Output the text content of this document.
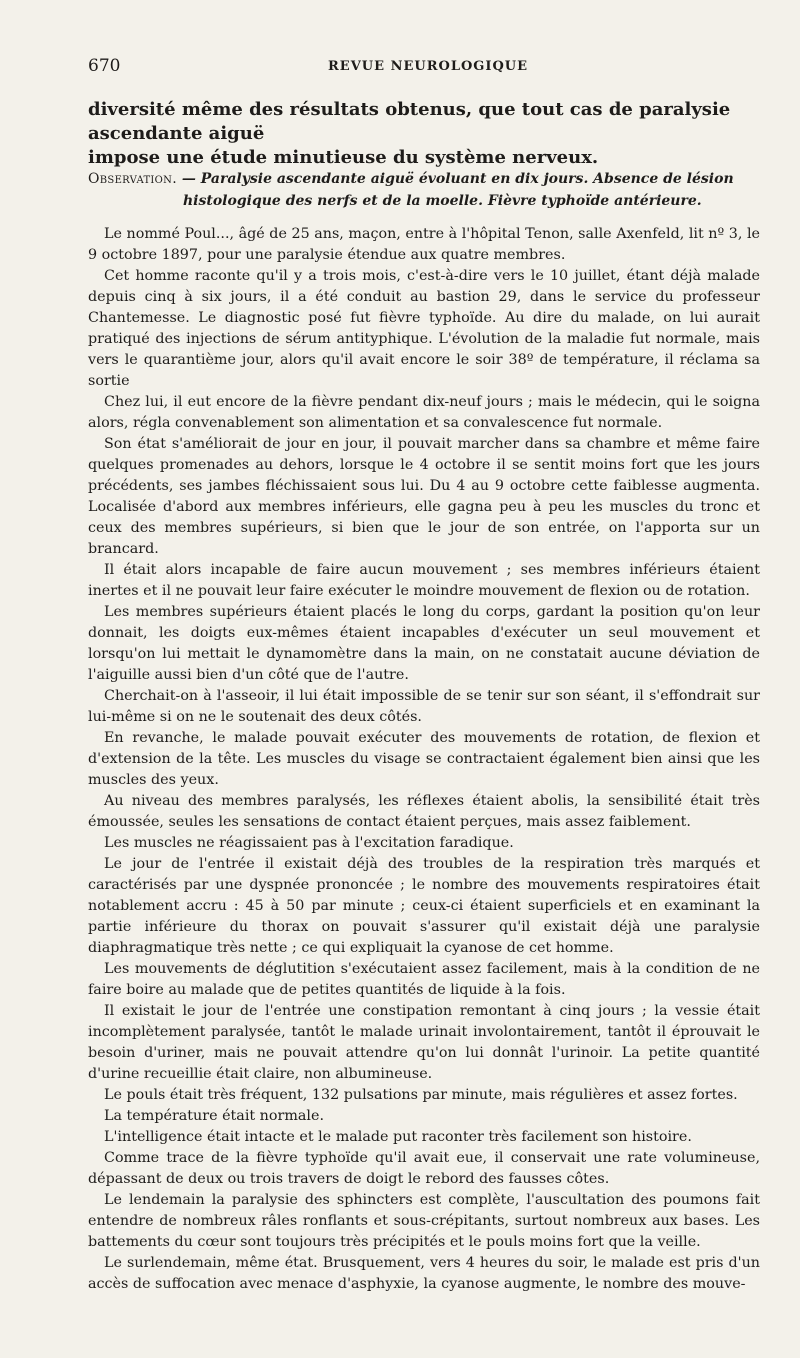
670	REVUE NEUROLOGIQUE

diversité même des résultats obtenus, que tout cas de paralysie ascendante aiguë

impose une étude minutieuse du système nerveux.

Observation. — Paralysie ascendante aiguë évoluant en dix jours. Absence de lésion
histologique des nerfs et de la moelle. Fièvre typhoïde antérieure.

Le nommé Poul..., âgé de 25 ans, maçon, entre à l'hôpital Tenon, salle Axenfeld, lit nº 3, le 9 octobre 1897, pour une paralysie étendue aux quatre membres.

Cet homme raconte qu'il y a trois mois, c'est-à-dire vers le 10 juillet, étant déjà malade depuis cinq à six jours, il a été conduit au bastion 29, dans le service du professeur Chantemesse. Le diagnostic posé fut fièvre typhoïde. Au dire du malade, on lui aurait pratiqué des injections de sérum antityphique. L'évolution de la maladie fut normale, mais vers le quarantième jour, alors qu'il avait encore le soir 38º de température, il réclama sa sortie

Chez lui, il eut encore de la fièvre pendant dix-neuf jours ; mais le médecin, qui le soigna alors, régla convenablement son alimentation et sa convalescence fut normale.

Son état s'améliorait de jour en jour, il pouvait marcher dans sa chambre et même faire quelques promenades au dehors, lorsque le 4 octobre il se sentit moins fort que les jours précédents, ses jambes fléchissaient sous lui. Du 4 au 9 octobre cette faiblesse augmenta. Localisée d'abord aux membres inférieurs, elle gagna peu à peu les muscles du tronc et ceux des membres supérieurs, si bien que le jour de son entrée, on l'apporta sur un brancard.

Il était alors incapable de faire aucun mouvement ; ses membres inférieurs étaient inertes et il ne pouvait leur faire exécuter le moindre mouvement de flexion ou de rotation.

Les membres supérieurs étaient placés le long du corps, gardant la position qu'on leur donnait, les doigts eux-mêmes étaient incapables d'exécuter un seul mouvement et lorsqu'on lui mettait le dynamomètre dans la main, on ne constatait aucune déviation de l'aiguille aussi bien d'un côté que de l'autre.

Cherchait-on à l'asseoir, il lui était impossible de se tenir sur son séant, il s'effondrait sur lui-même si on ne le soutenait des deux côtés.

En revanche, le malade pouvait exécuter des mouvements de rotation, de flexion et d'extension de la tête. Les muscles du visage se contractaient également bien ainsi que les muscles des yeux.

Au niveau des membres paralysés, les réflexes étaient abolis, la sensibilité était très émoussée, seules les sensations de contact étaient perçues, mais assez faiblement.

Les muscles ne réagissaient pas à l'excitation faradique.

Le jour de l'entrée il existait déjà des troubles de la respiration très marqués et caractérisés par une dyspnée prononcée ; le nombre des mouvements respiratoires était notablement accru : 45 à 50 par minute ; ceux-ci étaient superficiels et en examinant la partie inférieure du thorax on pouvait s'assurer qu'il existait déjà une paralysie diaphragmatique très nette ; ce qui expliquait la cyanose de cet homme.

Les mouvements de déglutition s'exécutaient assez facilement, mais à la condition de ne faire boire au malade que de petites quantités de liquide à la fois.

Il existait le jour de l'entrée une constipation remontant à cinq jours ; la vessie était incomplètement paralysée, tantôt le malade urinait involontairement, tantôt il éprouvait le besoin d'uriner, mais ne pouvait attendre qu'on lui donnât l'urinoir. La petite quantité d'urine recueillie était claire, non albumineuse.

Le pouls était très fréquent, 132 pulsations par minute, mais régulières et assez fortes.

La température était normale.

L'intelligence était intacte et le malade put raconter très facilement son histoire.

Comme trace de la fièvre typhoïde qu'il avait eue, il conservait une rate volumineuse, dépassant de deux ou trois travers de doigt le rebord des fausses côtes.

Le lendemain la paralysie des sphincters est complète, l'auscultation des poumons fait entendre de nombreux râles ronflants et sous-crépitants, surtout nombreux aux bases. Les battements du cœur sont toujours très précipités et le pouls moins fort que la veille.

Le surlendemain, même état. Brusquement, vers 4 heures du soir, le malade est pris d'un accès de suffocation avec menace d'asphyxie, la cyanose augmente, le nombre des mouve-
